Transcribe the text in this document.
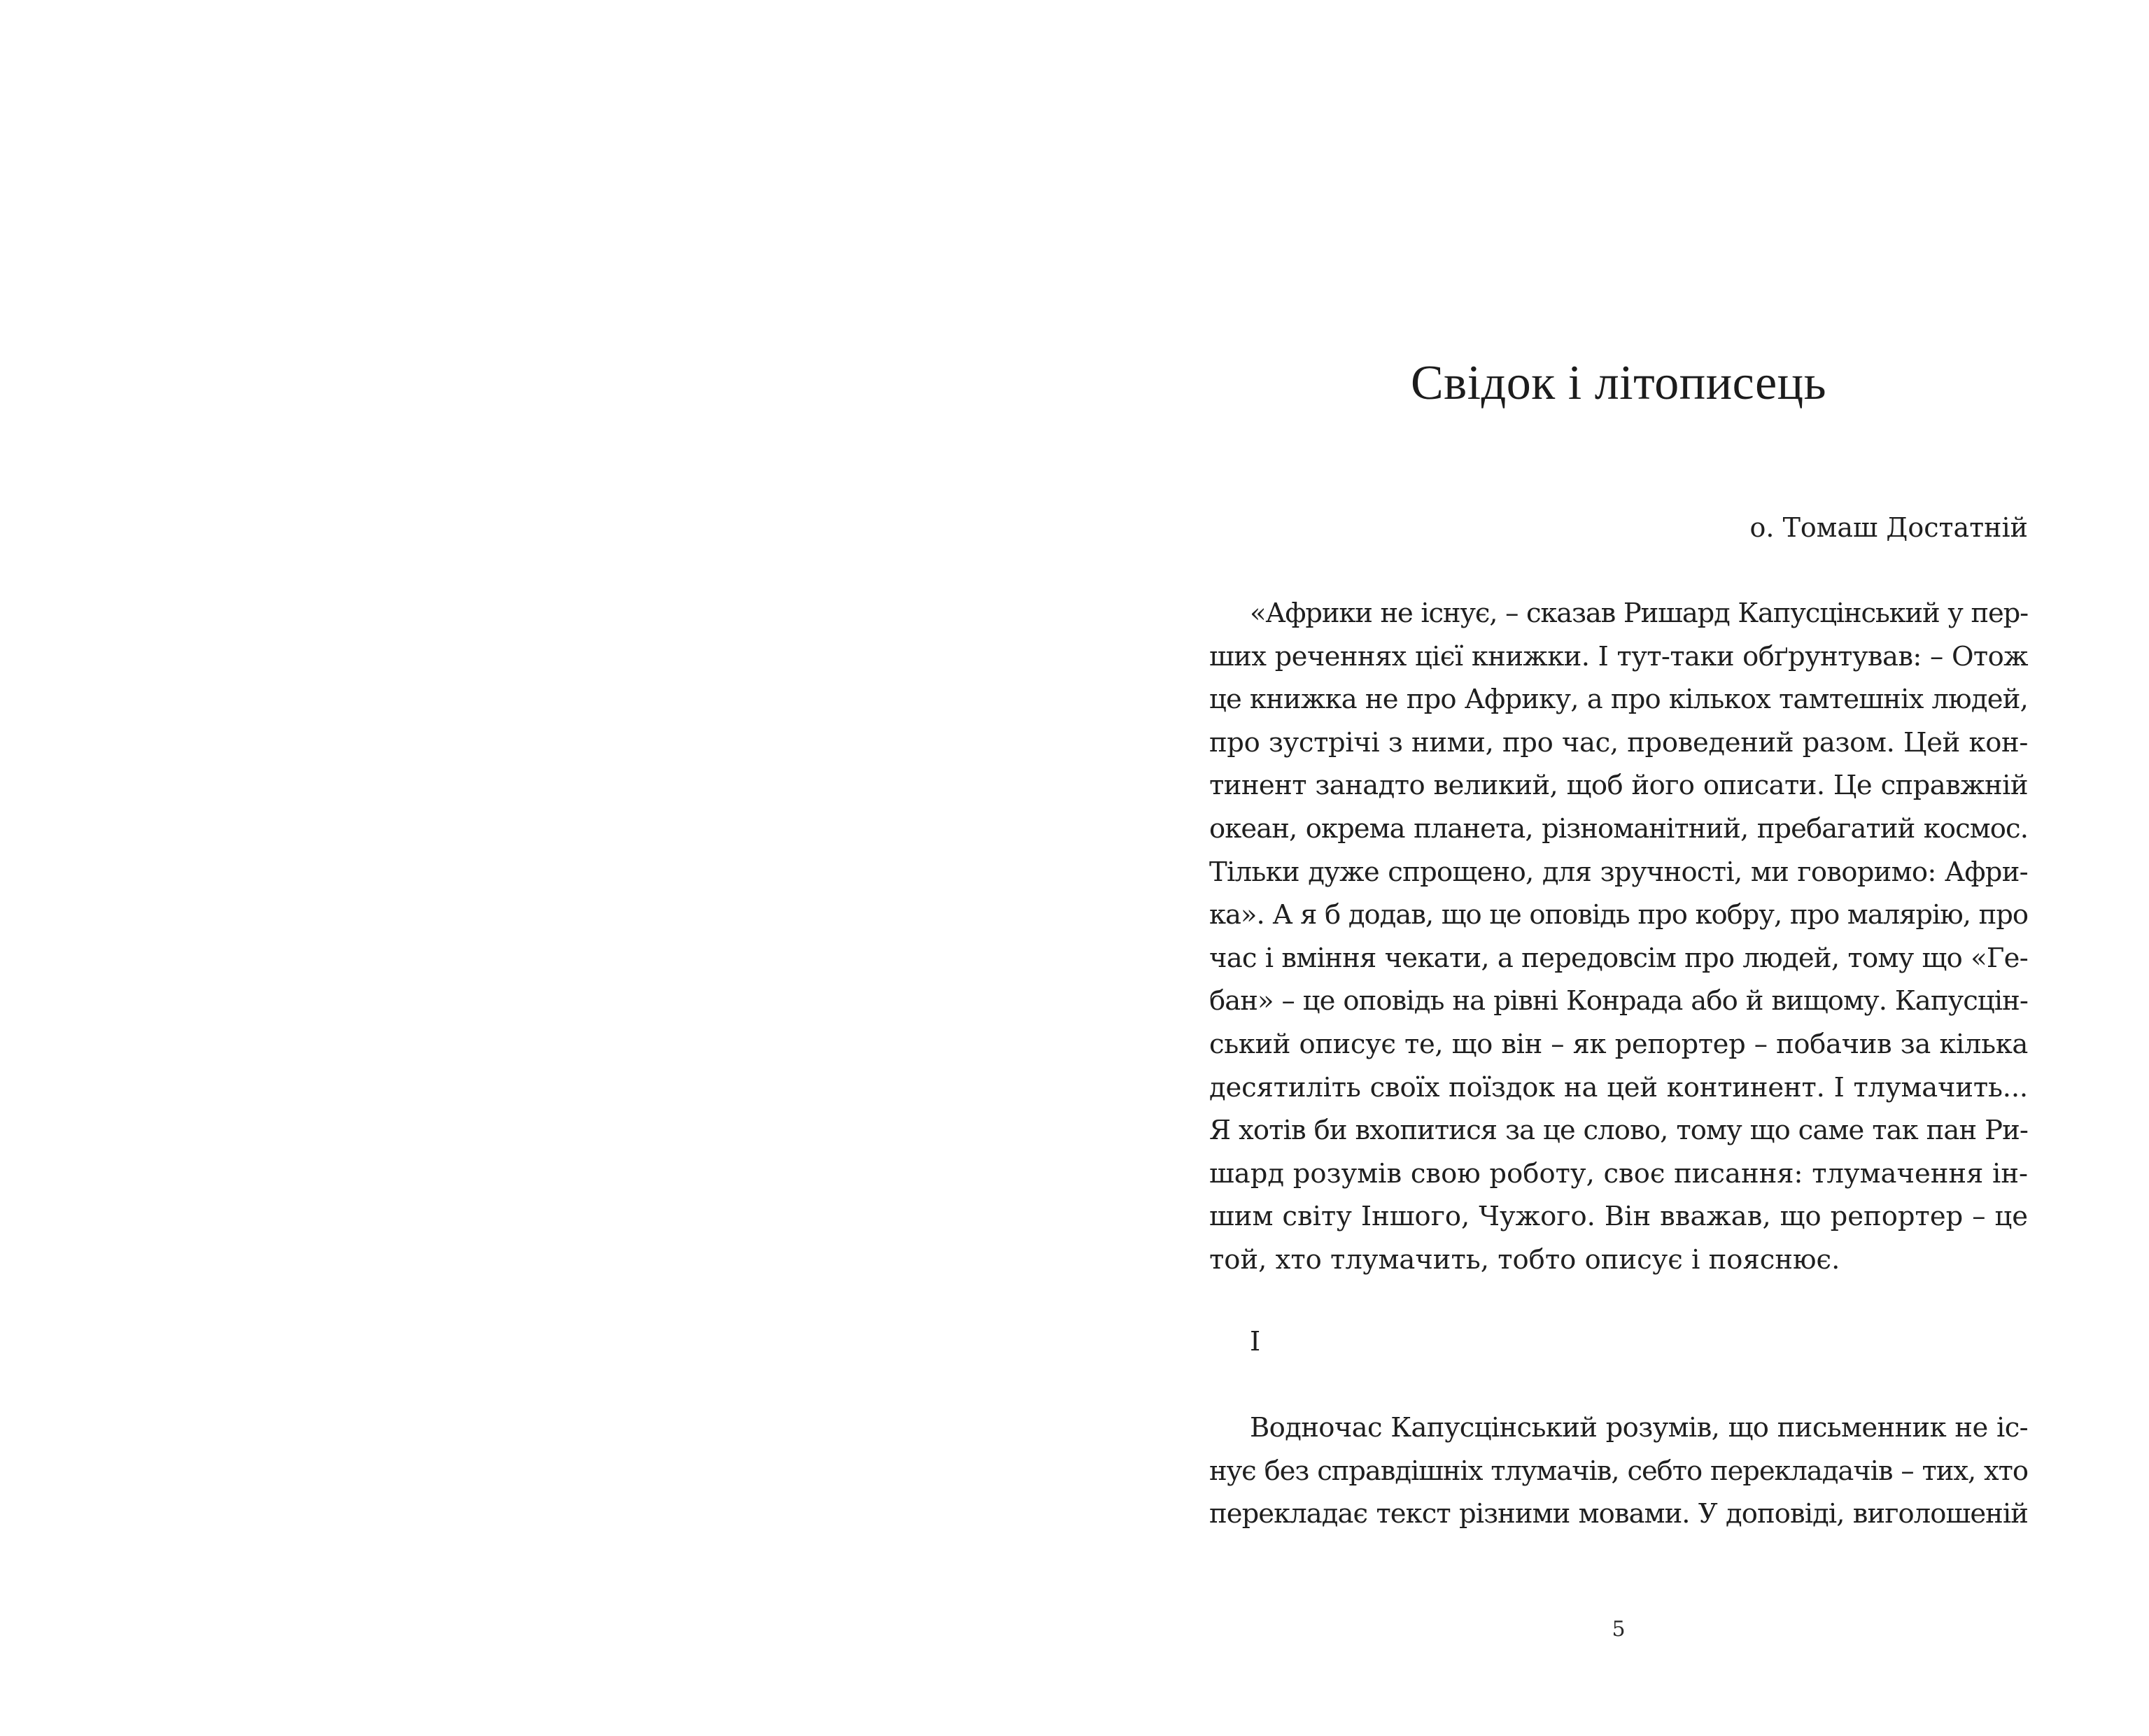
Свідок і літописець

о. Томаш Достатній

«Африки не існує, – сказав Ришард Капусцінський у пер-
ших реченнях цієї книжки. І тут-таки обґрунтував: – Отож
це книжка не про Африку, а про кількох тамтешніх людей,
про зустрічі з ними, про час, проведений разом. Цей кон-
тинент занадто великий, щоб його описати. Це справжній
океан, окрема планета, різноманітний, пребагатий космос.
Тільки дуже спрощено, для зручності, ми говоримо: Афри-
ка». А я б додав, що це оповідь про кобру, про малярію, про
час і вміння чекати, а передовсім про людей, тому що «Ге-
бан» – це оповідь на рівні Конрада або й вищому. Капусцін-
ський описує те, що він – як репортер – побачив за кілька
десятиліть своїх поїздок на цей континент. І тлумачить...
Я хотів би вхопитися за це слово, тому що саме так пан Ри-
шард розумів свою роботу, своє писання: тлумачення ін-
шим світу Іншого, Чужого. Він вважав, що репортер – це
той, хто тлумачить, тобто описує і пояснює.

I

Водночас Капусцінський розумів, що письменник не іс-
нує без справдішніх тлумачів, себто перекладачів – тих, хто
перекладає текст різними мовами. У доповіді, виголошеній
5
